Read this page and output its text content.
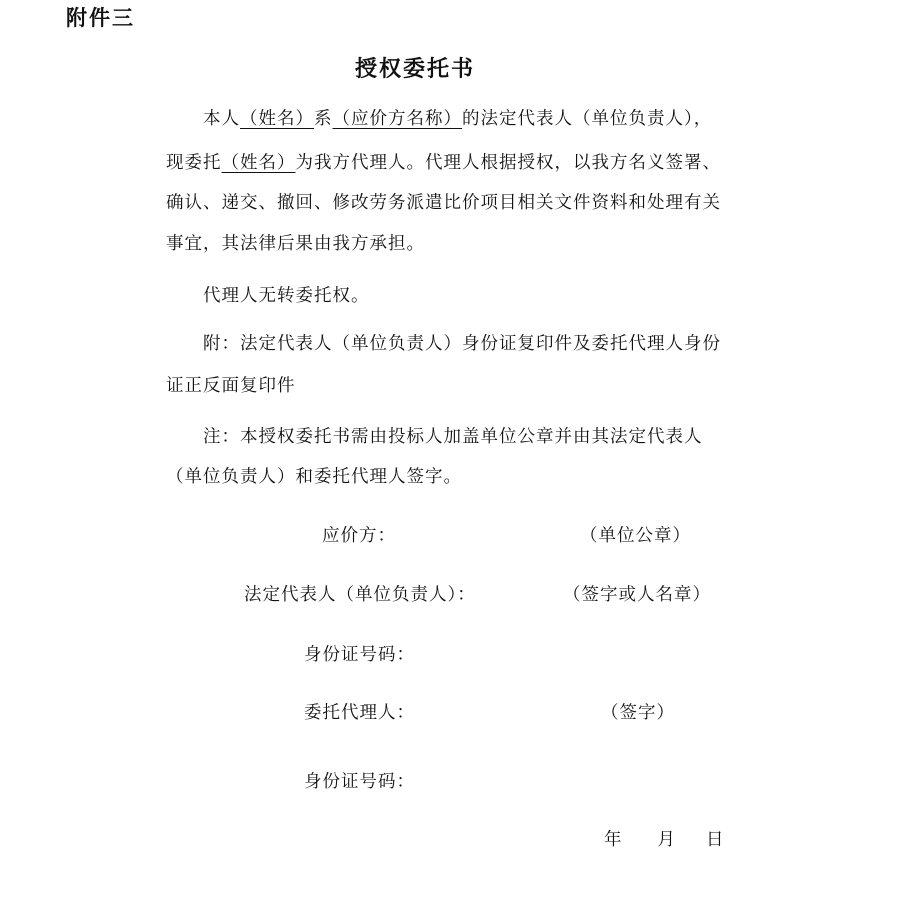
附件三
授权委托书
本人（姓名）系（应价方名称）的法定代表人（单位负责人），
现委托（姓名）为我方代理人。代理人根据授权，以我方名义签署、
确认、递交、撤回、修改劳务派遣比价项目相关文件资料和处理有关
事宜，其法律后果由我方承担。
代理人无转委托权。
附：法定代表人（单位负责人）身份证复印件及委托代理人身份
证正反面复印件
注：本授权委托书需由投标人加盖单位公章并由其法定代表人
（单位负责人）和委托代理人签字。
应价方：	（单位公章）
法定代表人（单位负责人）：	（签字或人名章）
身份证号码：
委托代理人：	（签字）
身份证号码：
年 月 日
